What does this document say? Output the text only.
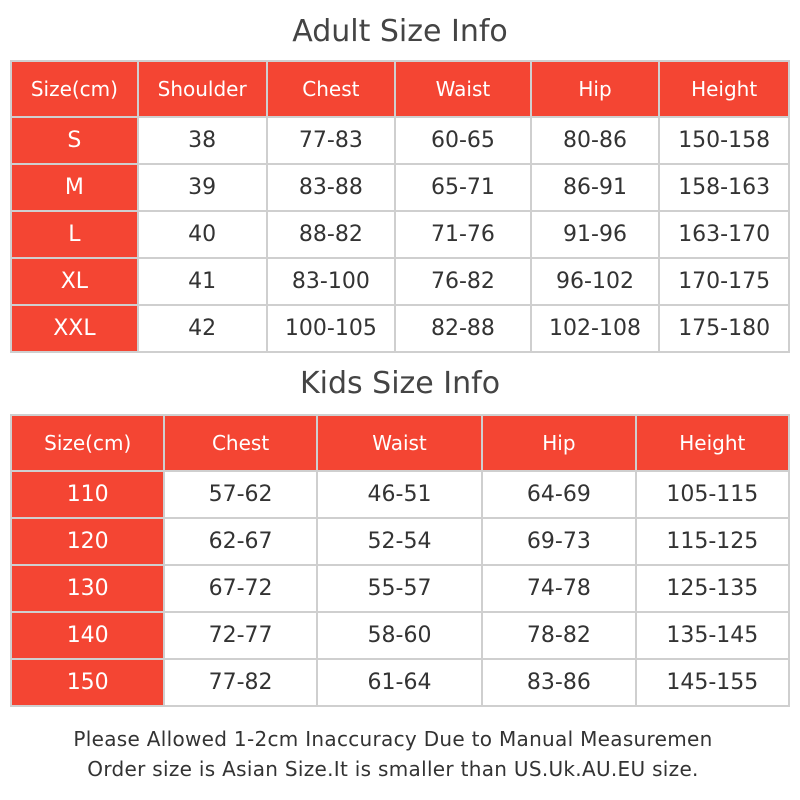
Adult Size Info
Size(cm)	Shoulder	Chest	Waist	Hip	Height
S	38	77-83	60-65	80-86	150-158
M	39	83-88	65-71	86-91	158-163
L	40	88-82	71-76	91-96	163-170
XL	41	83-100	76-82	96-102	170-175
XXL	42	100-105	82-88	102-108	175-180
Kids Size Info
Size(cm)	Chest	Waist	Hip	Height
110	57-62	46-51	64-69	105-115
120	62-67	52-54	69-73	115-125
130	67-72	55-57	74-78	125-135
140	72-77	58-60	78-82	135-145
150	77-82	61-64	83-86	145-155
Please Allowed 1-2cm Inaccuracy Due to Manual Measuremen
Order size is Asian Size.It is smaller than US.Uk.AU.EU size.
